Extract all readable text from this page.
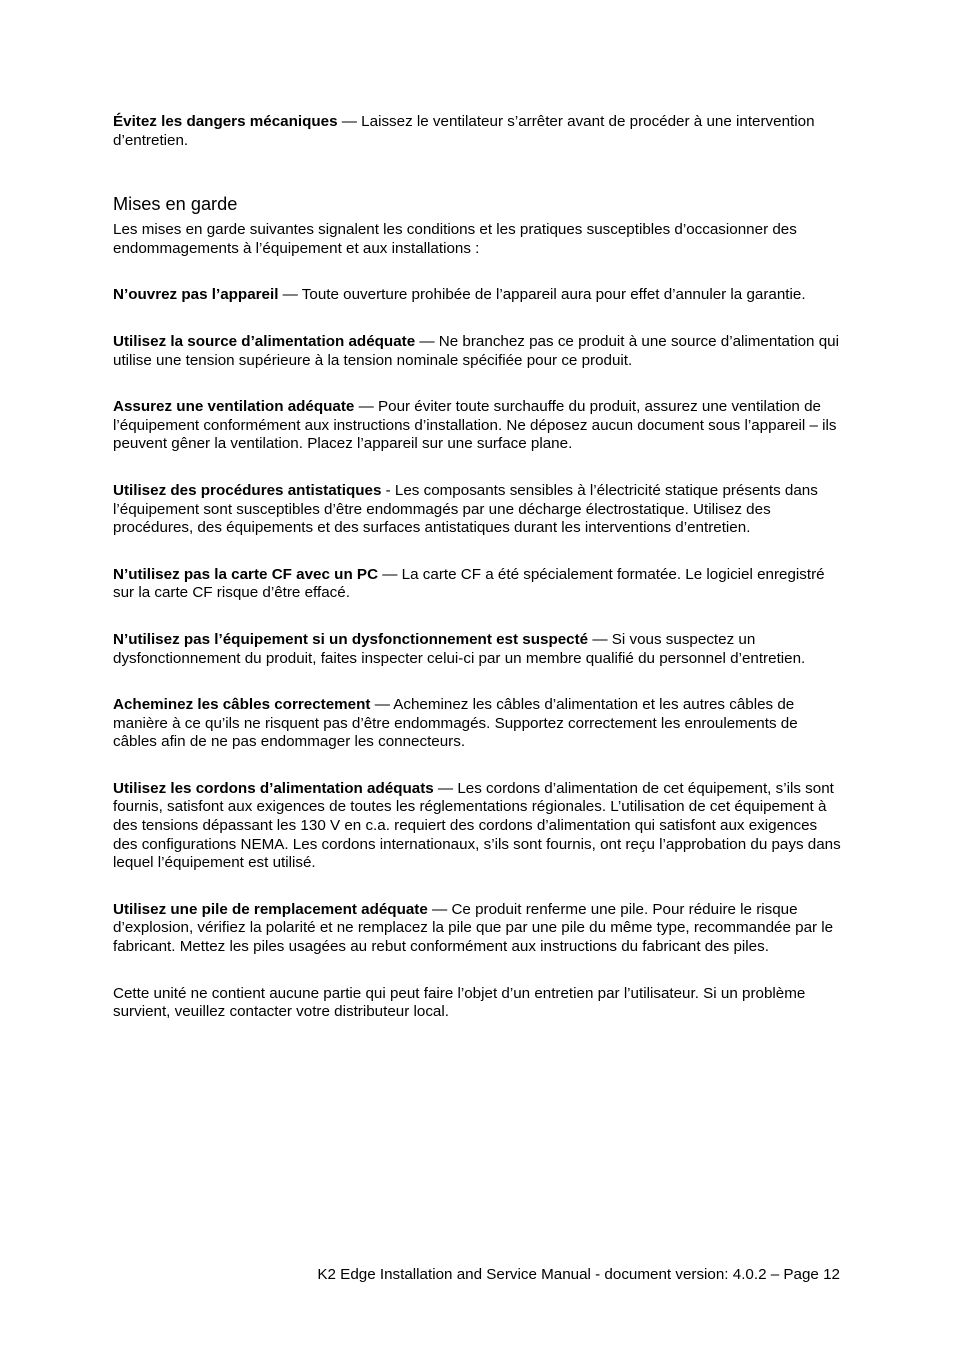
Évitez les dangers mécaniques — Laissez le ventilateur s’arrêter avant de procéder à une intervention d’entretien.

Mises en garde

Les mises en garde suivantes signalent les conditions et les pratiques susceptibles d’occasionner des endommagements à l’équipement et aux installations :

N’ouvrez pas l’appareil — Toute ouverture prohibée de l’appareil aura pour effet d’annuler la garantie.

Utilisez la source d’alimentation adéquate — Ne branchez pas ce produit à une source d’alimentation qui utilise une tension supérieure à la tension nominale spécifiée pour ce produit.

Assurez une ventilation adéquate — Pour éviter toute surchauffe du produit, assurez une ventilation de l’équipement conformément aux instructions d’installation. Ne déposez aucun document sous l’appareil – ils peuvent gêner la ventilation. Placez l’appareil sur une surface plane.

Utilisez des procédures antistatiques - Les composants sensibles à l’électricité statique présents dans l’équipement sont susceptibles d’être endommagés par une décharge électrostatique. Utilisez des procédures, des équipements et des surfaces antistatiques durant les interventions d’entretien.

N’utilisez pas la carte CF avec un PC — La carte CF a été spécialement formatée. Le logiciel enregistré sur la carte CF risque d’être effacé.

N’utilisez pas l’équipement si un dysfonctionnement est suspecté — Si vous suspectez un dysfonctionnement du produit, faites inspecter celui-ci par un membre qualifié du personnel d’entretien.

Acheminez les câbles correctement — Acheminez les câbles d’alimentation et les autres câbles de manière à ce qu’ils ne risquent pas d’être endommagés. Supportez correctement les enroulements de câbles afin de ne pas endommager les connecteurs.

Utilisez les cordons d’alimentation adéquats — Les cordons d’alimentation de cet équipement, s’ils sont fournis, satisfont aux exigences de toutes les réglementations régionales. L’utilisation de cet équipement à des tensions dépassant les 130 V en c.a. requiert des cordons d’alimentation qui satisfont aux exigences des configurations NEMA. Les cordons internationaux, s’ils sont fournis, ont reçu l’approbation du pays dans lequel l’équipement est utilisé.

Utilisez une pile de remplacement adéquate — Ce produit renferme une pile. Pour réduire le risque d’explosion, vérifiez la polarité et ne remplacez la pile que par une pile du même type, recommandée par le fabricant. Mettez les piles usagées au rebut conformément aux instructions du fabricant des piles.

Cette unité ne contient aucune partie qui peut faire l’objet d’un entretien par l’utilisateur. Si un problème survient, veuillez contacter votre distributeur local.

K2 Edge Installation and Service Manual - document version: 4.0.2 – Page 12
